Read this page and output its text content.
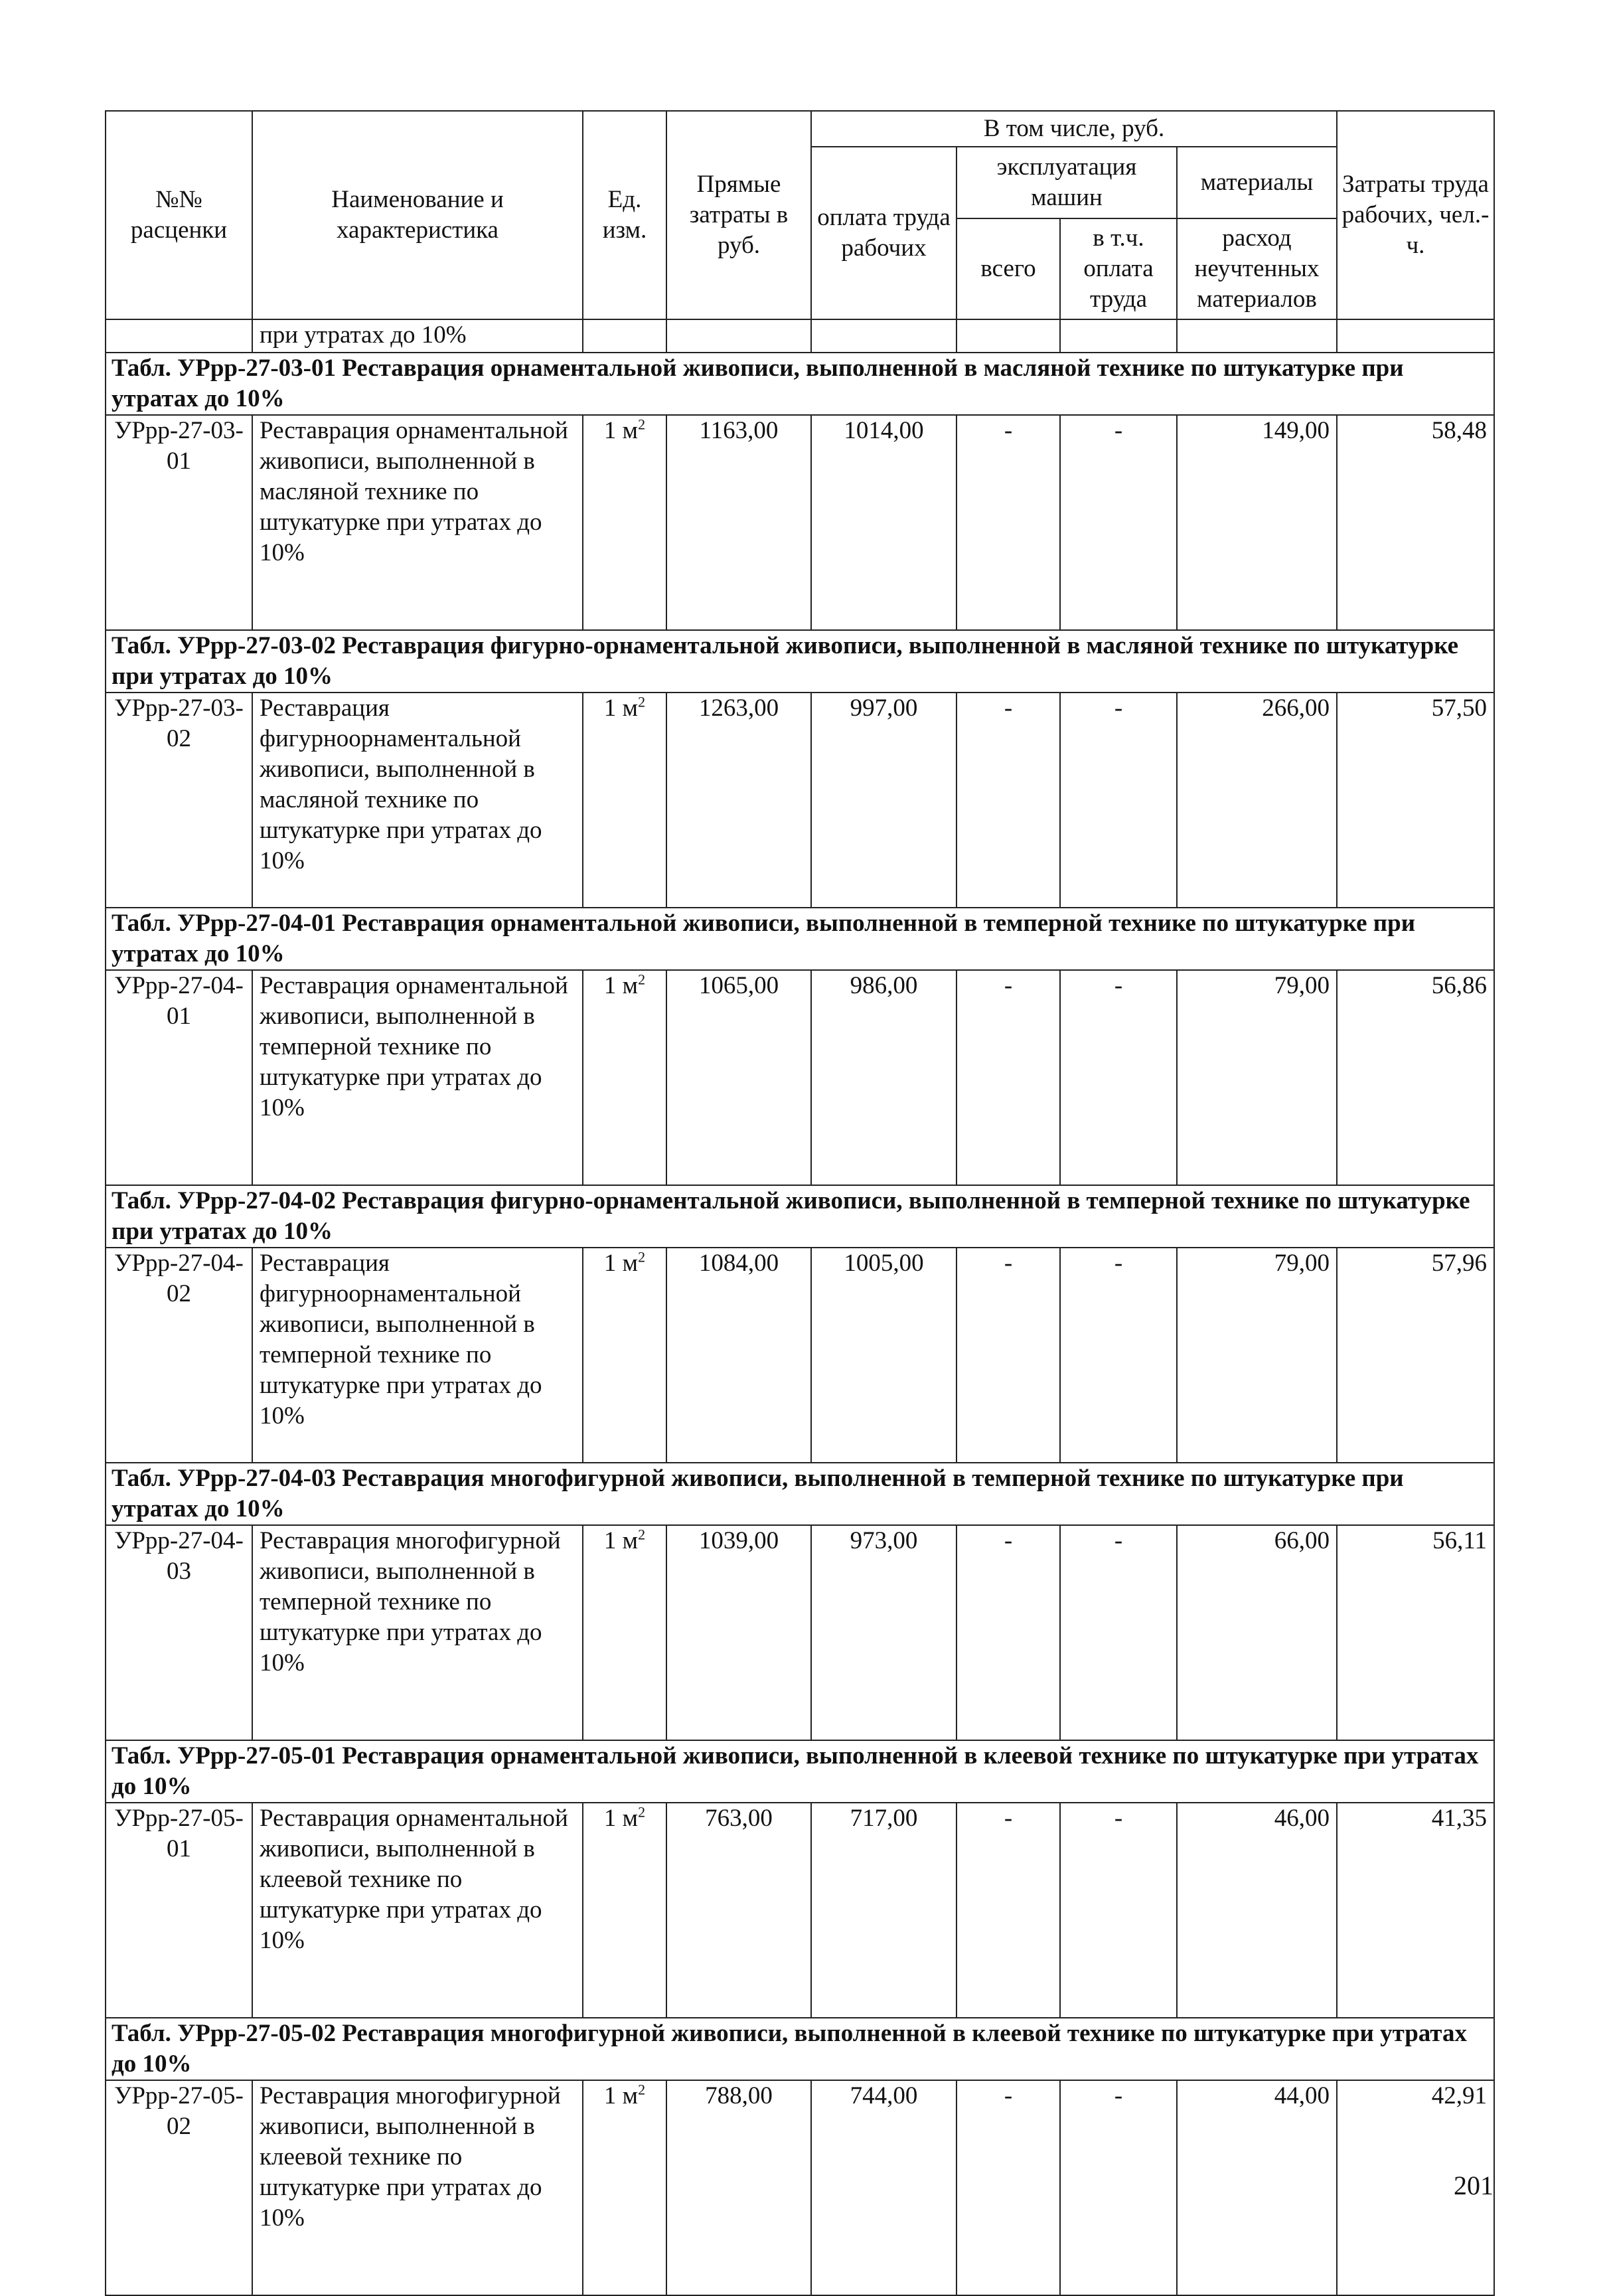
№№ расценки	Наименование и характеристика	Ед. изм.	Прямые затраты в руб.	В том числе, руб.				Затраты труда рабочих, чел.-ч.
				оплата труда рабочих	эксплуатация машин		материалы	
					всего	в т.ч. оплата труда	расход неучтенных материалов	
	при утратах до 10%							
Табл. УРрр-27-03-01 Реставрация орнаментальной живописи, выполненной в масляной технике по штукатурке при утратах до 10%								
УРрр-27-03-01	Реставрация орнаментальной живописи, выполненной в масляной технике по штукатурке при утратах до 10%	1 $м^2$	1163,00	1014,00	-	-	149,00	58,48
Табл. УРрр-27-03-02 Реставрация фигурно-орнаментальной живописи, выполненной в масляной технике по штукатурке при утратах до 10%								
УРрр-27-03-02	Реставрация фигурноорнаментальной живописи, выполненной в масляной технике по штукатурке при утратах до 10%	1 $м^2$	1263,00	997,00	-	-	266,00	57,50
Табл. УРрр-27-04-01 Реставрация орнаментальной живописи, выполненной в темперной технике по штукатурке при утратах до 10%								
УРрр-27-04-01	Реставрация орнаментальной живописи, выполненной в темперной технике по штукатурке при утратах до 10%	1 $м^2$	1065,00	986,00	-	-	79,00	56,86
Табл. УРрр-27-04-02 Реставрация фигурно-орнаментальной живописи, выполненной в темперной технике по штукатурке при утратах до 10%								
УРрр-27-04-02	Реставрация фигурноорнаментальной живописи, выполненной в темперной технике по штукатурке при утратах до 10%	1 $м^2$	1084,00	1005,00	-	-	79,00	57,96
Табл. УРрр-27-04-03 Реставрация многофигурной живописи, выполненной в темперной технике по штукатурке при утратах до 10%								
УРрр-27-04-03	Реставрация многофигурной живописи, выполненной в темперной технике по штукатурке при утратах до 10%	1 $м^2$	1039,00	973,00	-	-	66,00	56,11
Табл. УРрр-27-05-01 Реставрация орнаментальной живописи, выполненной в клеевой технике по штукатурке при утратах до 10%								
УРрр-27-05-01	Реставрация орнаментальной живописи, выполненной в клеевой технике по штукатурке при утратах до 10%	1 $м^2$	763,00	717,00	-	-	46,00	41,35
Табл. УРрр-27-05-02 Реставрация многофигурной живописи, выполненной в клеевой технике по штукатурке при утратах до 10%								
УРрр-27-05-02	Реставрация многофигурной живописи, выполненной в клеевой технике по штукатурке при утратах до 10%	1 $м^2$	788,00	744,00	-	-	44,00	42,91
201
